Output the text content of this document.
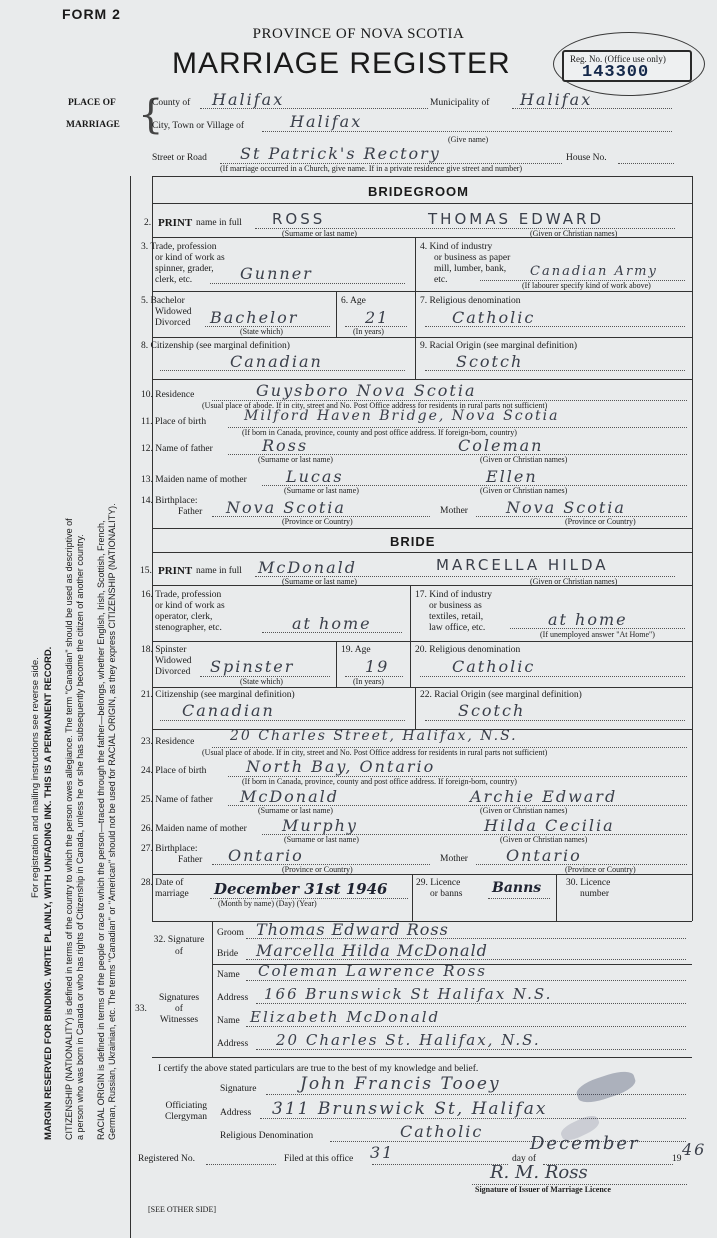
FORM 2
PROVINCE OF NOVA SCOTIA
MARRIAGE REGISTER	Reg. No. (Office use only)
143300
PLACE OF
MARRIAGE {
County of Halifax	Municipality of Halifax
City, Town or Village of	Halifax
(Give name)
Street or Road St Patrick's Rectory	House No.
(If marriage occurred in a Church, give name. If in a private residence give street and number)
BRIDEGROOM
2. PRINT name in full ROSS	THOMAS EDWARD
(Surname or last name)	(Given or Christian names)
3. Trade, profession
or kind of work as
spinner, grader,
clerk, etc.	Gunner
4. Kind of industry
or business as paper
mill, lumber, bank,
etc.
Canadian Army
(If labourer specify kind of work above)
5. Bachelor
Widowed
Divorced Bachelor
(State which)
6. Age
21
(In years)
7. Religious denomination
Catholic
8. Citizenship (see marginal definition)
Canadian
9. Racial Origin (see marginal definition)
Scotch
10. Residence	Guysboro Nova Scotia
(Usual place of abode. If in city, street and No. Post Office address for residents in rural parts not sufficient)
11. Place of birth	Milford Haven Bridge, Nova Scotia
(If born in Canada, province, county and post office address. If foreign-born, country)
12. Name of father	Ross	Coleman
(Surname or last name)	(Given or Christian names)
13. Maiden name of mother Lucas	Ellen
(Surname or last name)	(Given or Christian names)
14. Birthplace:
Father Nova Scotia	Mother Nova Scotia
(Province or Country)	(Province or Country)
BRIDE
15. PRINT name in full McDonald	MARCELLA HILDA
(Surname or last name)	(Given or Christian names)
16. Trade, profession
or kind of work as
operator, clerk,
stenographer, etc.	at home
17. Kind of industry
or business as
textiles, retail,
law office, etc.	at home
(If unemployed answer "At Home")
18. Spinster
Widowed
Divorced Spinster
(State which)
19. Age
19
(In years)
20. Religious denomination
Catholic
21. Citizenship (see marginal definition)
Canadian
22. Racial Origin (see marginal definition)
Scotch
23. Residence	20 Charles Street, Halifax, N.S.
(Usual place of abode. If in city, street and No. Post Office address for residents in rural parts not sufficient)
24. Place of birth North Bay, Ontario
(If born in Canada, province, county and post office address. If foreign-born, country)
25. Name of father McDonald	Archie Edward
(Surname or last name)	(Given or Christian names)
26. Maiden name of mother Murphy	Hilda Cecilia
(Surname or last name)	(Given or Christian names)
27. Birthplace:
Father Ontario	Mother Ontario
(Province or Country)	(Province or Country)
28. Date of
marriage December 31st 1946
(Month by name) (Day) (Year)
29. Licence
or banns Banns	30. Licence
number
32. Signature
of
Groom Thomas Edward Ross
Bride Marcella Hilda McDonald
Signatures
of
Witnesses
33.
Name Coleman Lawrence Ross
Address 166 Brunswick St Halifax N.S.
Name Elizabeth McDonald
Address 20 Charles St. Halifax, N.S.
I certify the above stated particulars are true to the best of my knowledge and belief.
Officiating
Clergyman
Signature	John Francis Tooey
Address 311 Brunswick St, Halifax
Religious Denomination	Catholic
Registered No.	Filed at this office 31	day of
December
19 46
R. M. Ross
Signature of Issuer of Marriage Licence
[SEE OTHER SIDE]
For registration and mailing instructions see reverse side. MARGIN RESERVED FOR BINDING. WRITE PLAINLY, WITH UNFADING INK. THIS IS A PERMANENT RECORD. CITIZENSHIP (NATIONALITY) is defined in terms of the country to which the person owes allegiance. The term "Canadian" should be used as descriptive of a person who was born in Canada or who has rights of Citizenship in Canada, unless he or she has subsequently become the citizen of another country. RACIAL ORIGIN is defined in terms of the people or race to which the person—traced through the father—belongs, whether English, Irish, Scottish, French, German, Russian, Ukrainian, etc. The terms "Canadian" or "American" should not be used for RACIAL ORIGIN, as they express CITIZENSHIP (NATIONALITY).
